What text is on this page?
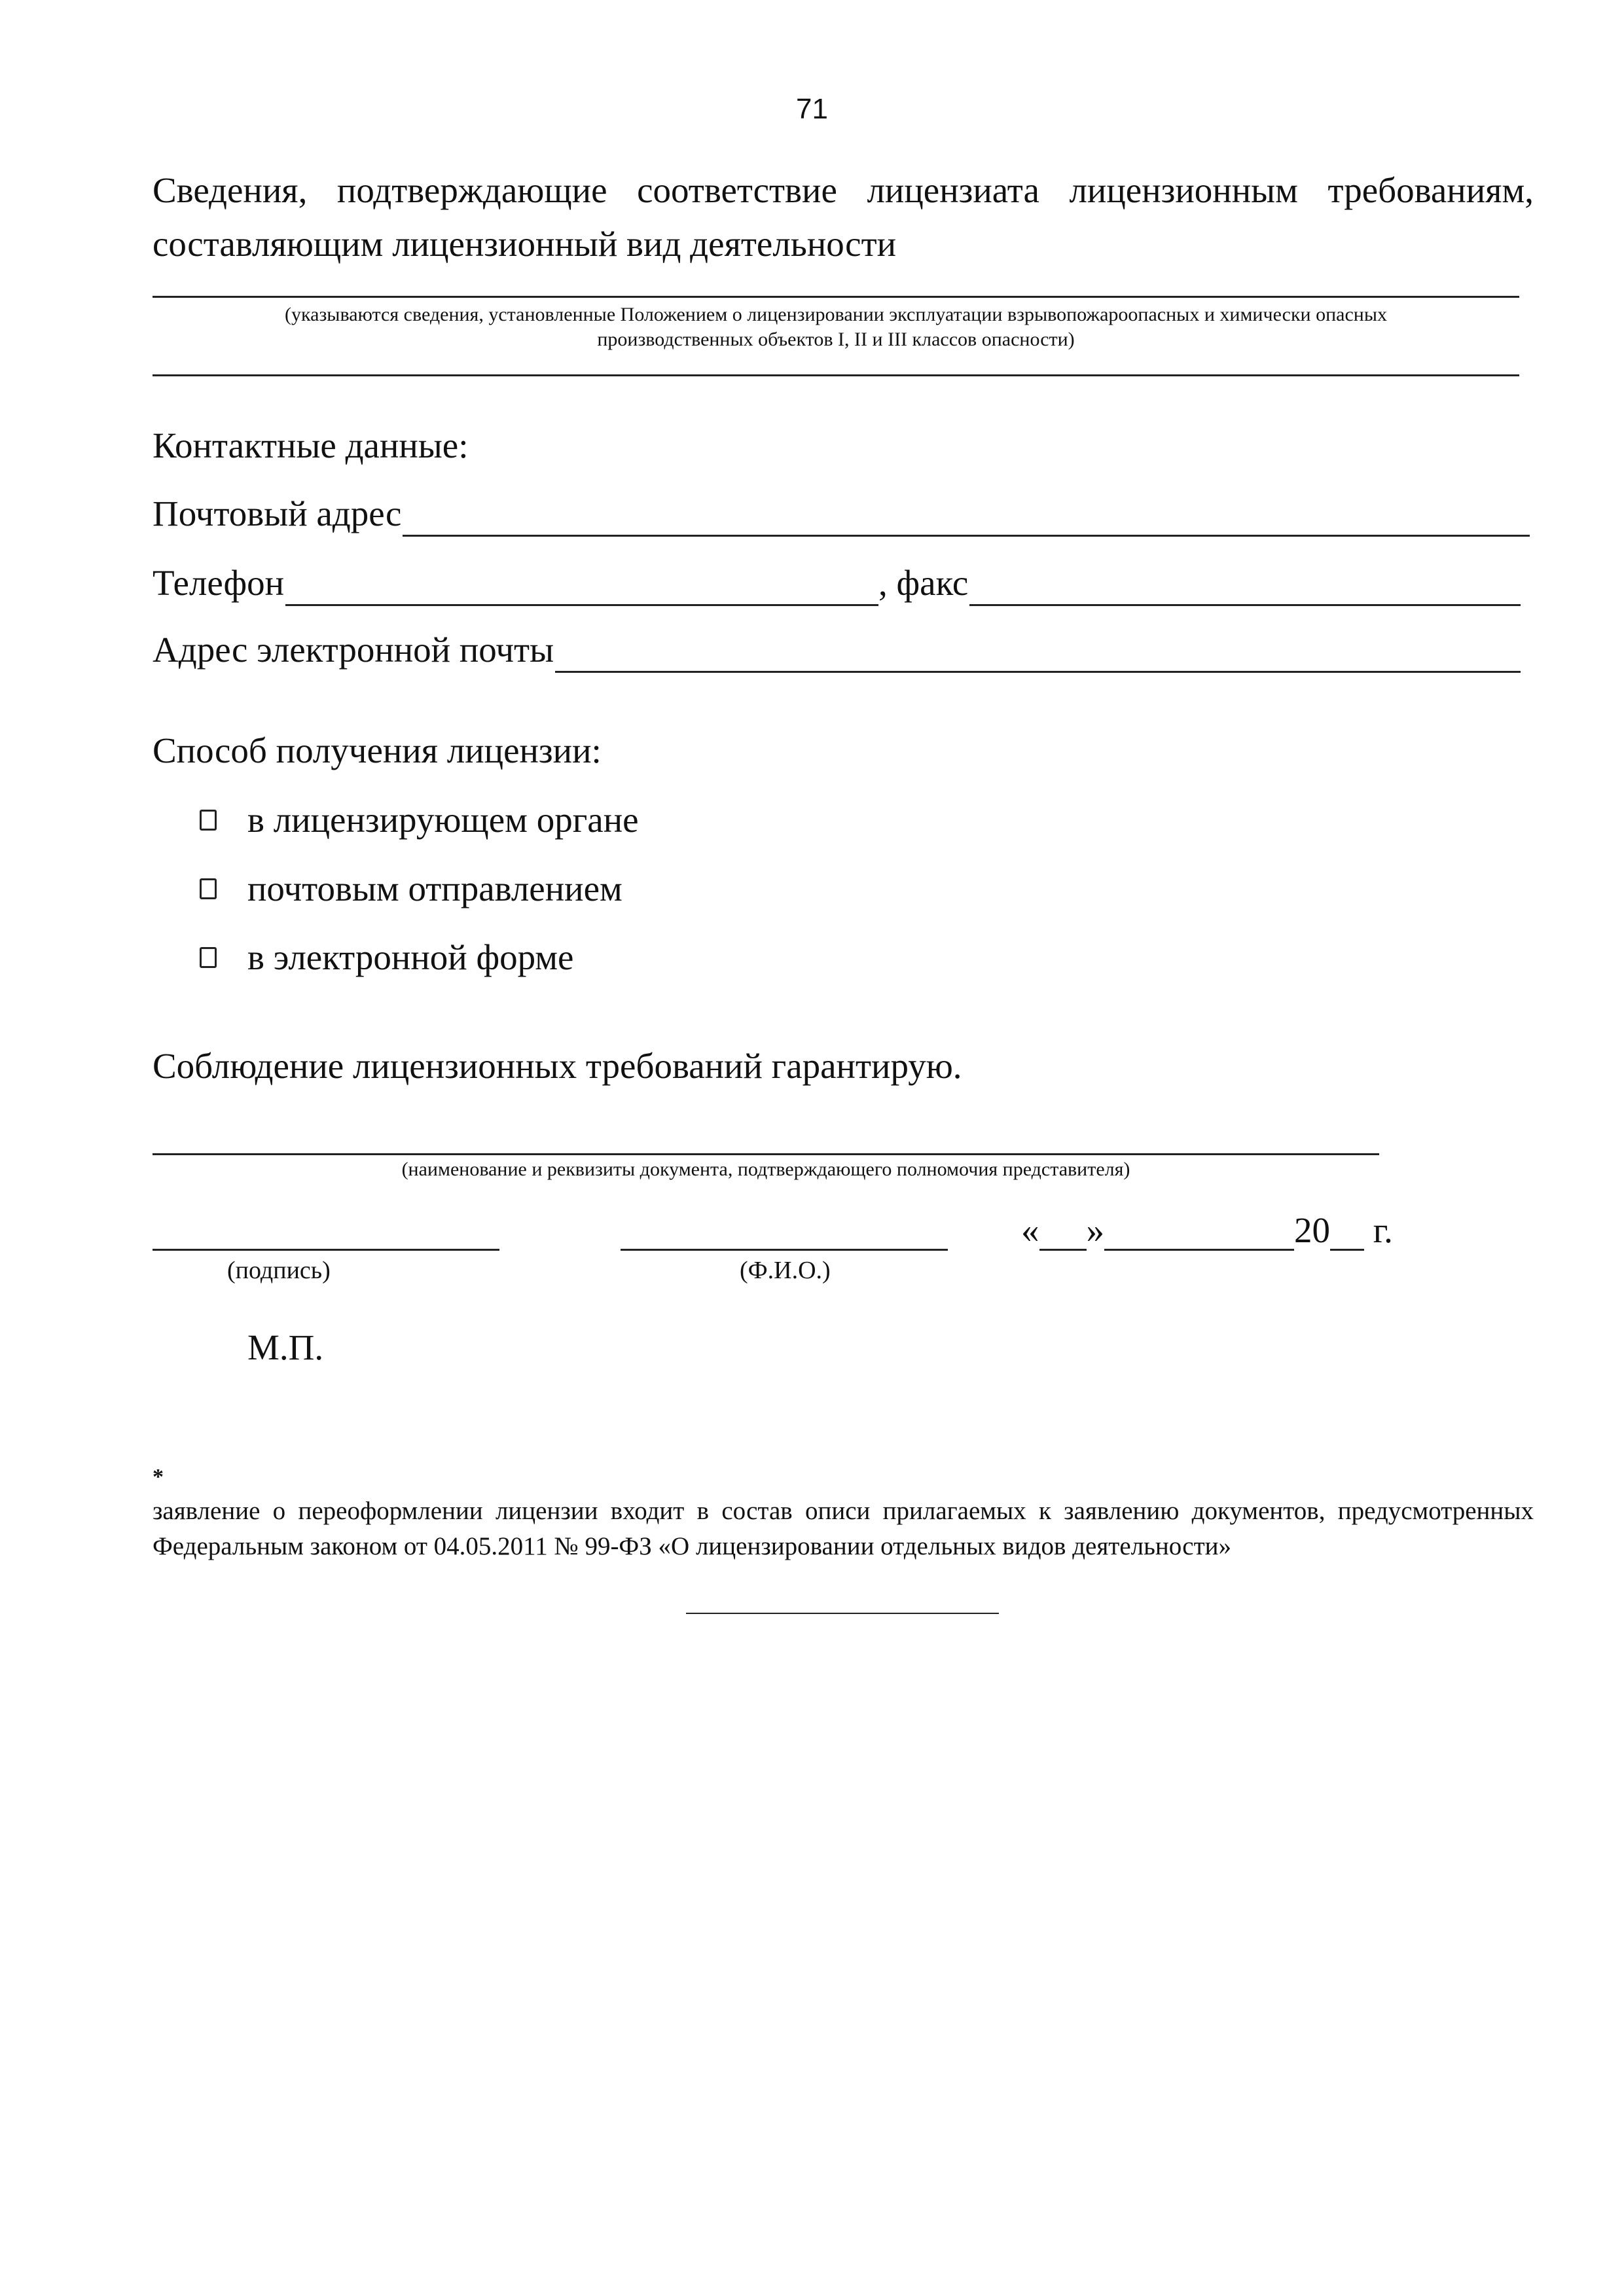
71
Сведения, подтверждающие соответствие лицензиата лицензионным требованиям, составляющим лицензионный вид деятельности
(указываются сведения, установленные Положением о лицензировании эксплуатации взрывопожароопасных и химически опасных
производственных объектов I, II и III классов опасности)
Контактные данные:
Почтовый адрес
Телефон	, факс
Адрес электронной почты
Способ получения лицензии:
в лицензирующем органе
почтовым отправлением
в электронной форме
Соблюдение лицензионных требований гарантирую.
(наименование и реквизиты документа, подтверждающего полномочия представителя)
(подпись)	(Ф.И.О.)
« »	20 г.
М.П.
*
заявление о переоформлении лицензии входит в состав описи прилагаемых к заявлению документов, предусмотренных Федеральным законом от 04.05.2011 № 99-ФЗ «О лицензировании отдельных видов деятельности»
